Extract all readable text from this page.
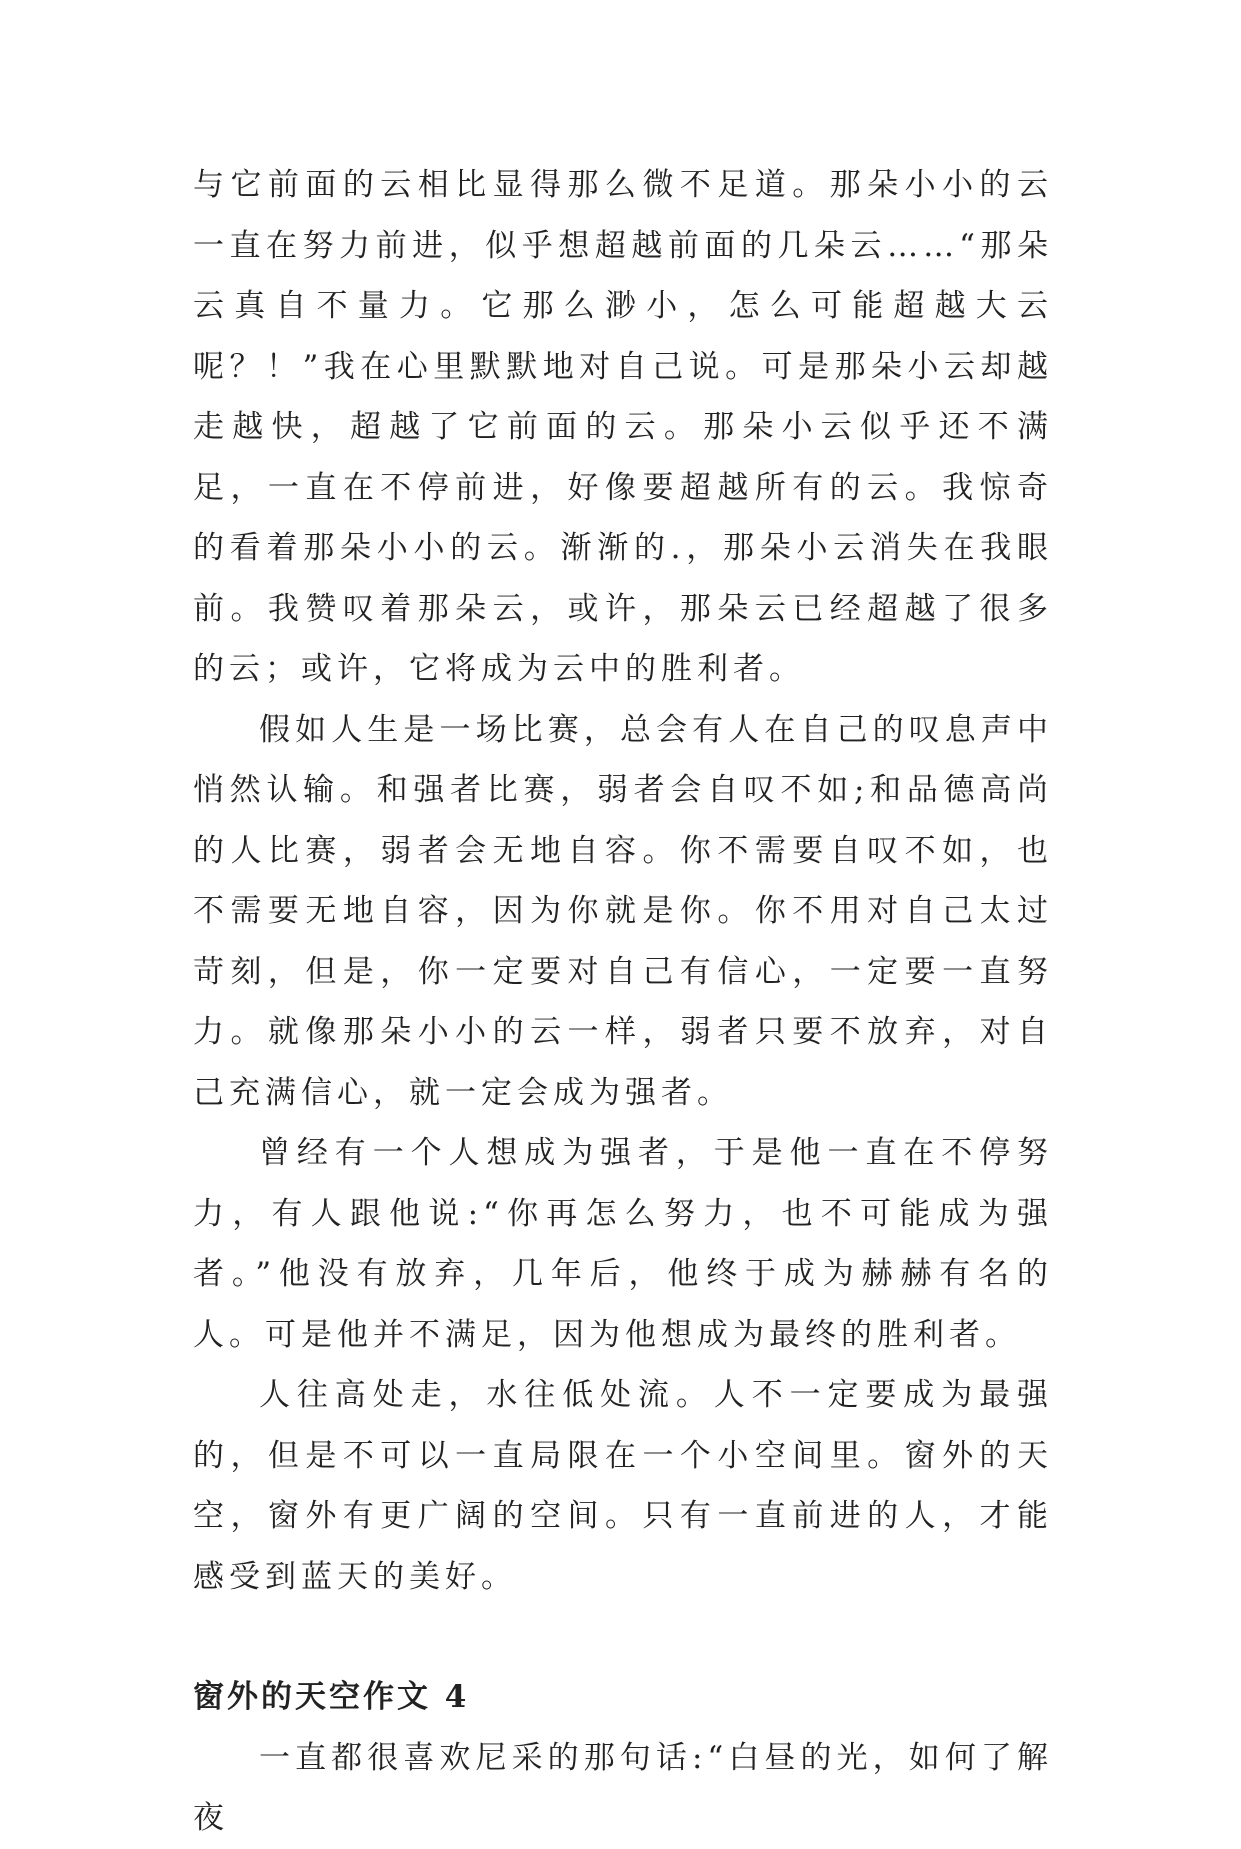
与它前面的云相比显得那么微不足道。那朵小小的云一直在努力前进，似乎想超越前面的几朵云……“那朵云真自不量力。它那么渺小，怎么可能超越大云呢？！”我在心里默默地对自己说。可是那朵小云却越走越快，超越了它前面的云。那朵小云似乎还不满足，一直在不停前进，好像要超越所有的云。我惊奇的看着那朵小小的云。渐渐的.，那朵小云消失在我眼前。我赞叹着那朵云，或许，那朵云已经超越了很多的云；或许，它将成为云中的胜利者。

假如人生是一场比赛，总会有人在自己的叹息声中悄然认输。和强者比赛，弱者会自叹不如;和品德高尚的人比赛，弱者会无地自容。你不需要自叹不如，也不需要无地自容，因为你就是你。你不用对自己太过苛刻，但是，你一定要对自己有信心，一定要一直努力。就像那朵小小的云一样，弱者只要不放弃，对自己充满信心，就一定会成为强者。

曾经有一个人想成为强者，于是他一直在不停努力，有人跟他说:“你再怎么努力，也不可能成为强者。”他没有放弃，几年后，他终于成为赫赫有名的人。可是他并不满足，因为他想成为最终的胜利者。

人往高处走，水往低处流。人不一定要成为最强的，但是不可以一直局限在一个小空间里。窗外的天空，窗外有更广阔的空间。只有一直前进的人，才能感受到蓝天的美好。

窗外的天空作文 4

一直都很喜欢尼采的那句话:“白昼的光，如何了解夜
